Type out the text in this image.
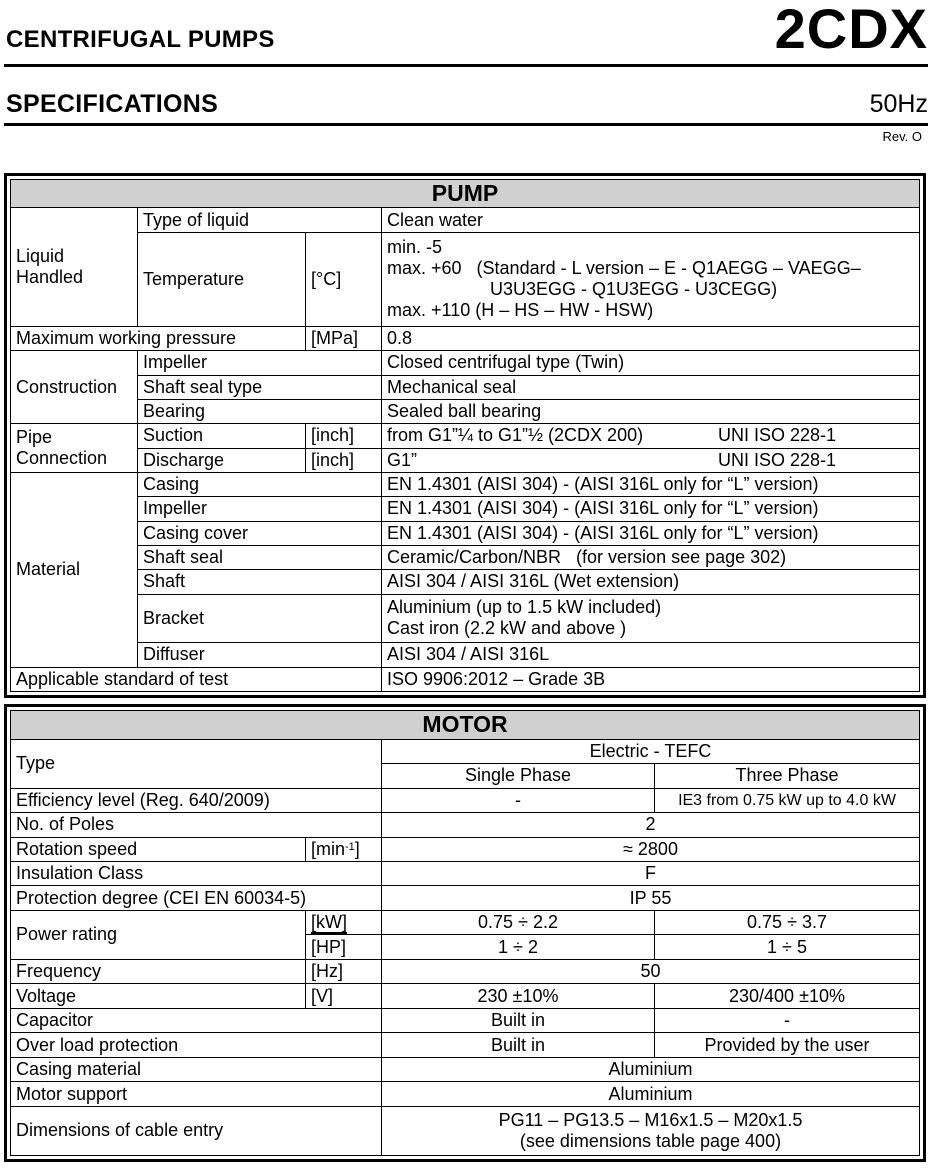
CENTRIFUGAL PUMPS	2CDX
SPECIFICATIONS	50Hz
Rev. O
PUMP			
Liquid Handled	Type of liquid		Clean water
	Temperature	[°C]	min. -5
max. +60   (Standard - L version – E - Q1AEGG – VAEGG–
U3U3EGG - Q1U3EGG - U3CEGG)
max. +110 (H – HS – HW - HSW)

Maximum working pressure		[MPa]	0.8
Construction	Impeller		Closed centrifugal type (Twin)
	Shaft seal type		Mechanical seal
	Bearing		Sealed ball bearing
Pipe Connection	Suction	[inch]	from G1”¼ to G1”½ (2CDX 200) UNI ISO 228-1

	Discharge	[inch]	G1” UNI ISO 228-1

Material	Casing		EN 1.4301 (AISI 304) - (AISI 316L only for “L” version)
	Impeller		EN 1.4301 (AISI 304) - (AISI 316L only for “L” version)
	Casing cover		EN 1.4301 (AISI 304) - (AISI 316L only for “L” version)
	Shaft seal		Ceramic/Carbon/NBR   (for version see page 302)
	Shaft		AISI 304 / AISI 316L (Wet extension)
	Bracket		Aluminium (up to 1.5 kW included)
Cast iron (2.2 kW and above )

	Diffuser		AISI 304 / AISI 316L
Applicable standard of test			ISO 9906:2012 – Grade 3B
MOTOR			
Type		Electric - TEFC	
		Single Phase	Three Phase
Efficiency level (Reg. 640/2009)		-	IE3 from 0.75 kW up to 4.0 kW
No. of Poles		2	
Rotation speed	$[\min^{-1}]$	≈ 2800	
Insulation Class		F	
Protection degree (CEI EN 60034-5)		IP 55	
Power rating	[kW]	0.75 ÷ 2.2	0.75 ÷ 3.7
	[HP]	1 ÷ 2	1 ÷ 5
Frequency	[Hz]	50	
Voltage	[V]	230 ±10%	230/400 ±10%
Capacitor		Built in	-
Over load protection		Built in	Provided by the user
Casing material		Aluminium	
Motor support		Aluminium	
Dimensions of cable entry		PG11 – PG13.5 – M16x1.5 – M20x1.5
(see dimensions table page 400)	
